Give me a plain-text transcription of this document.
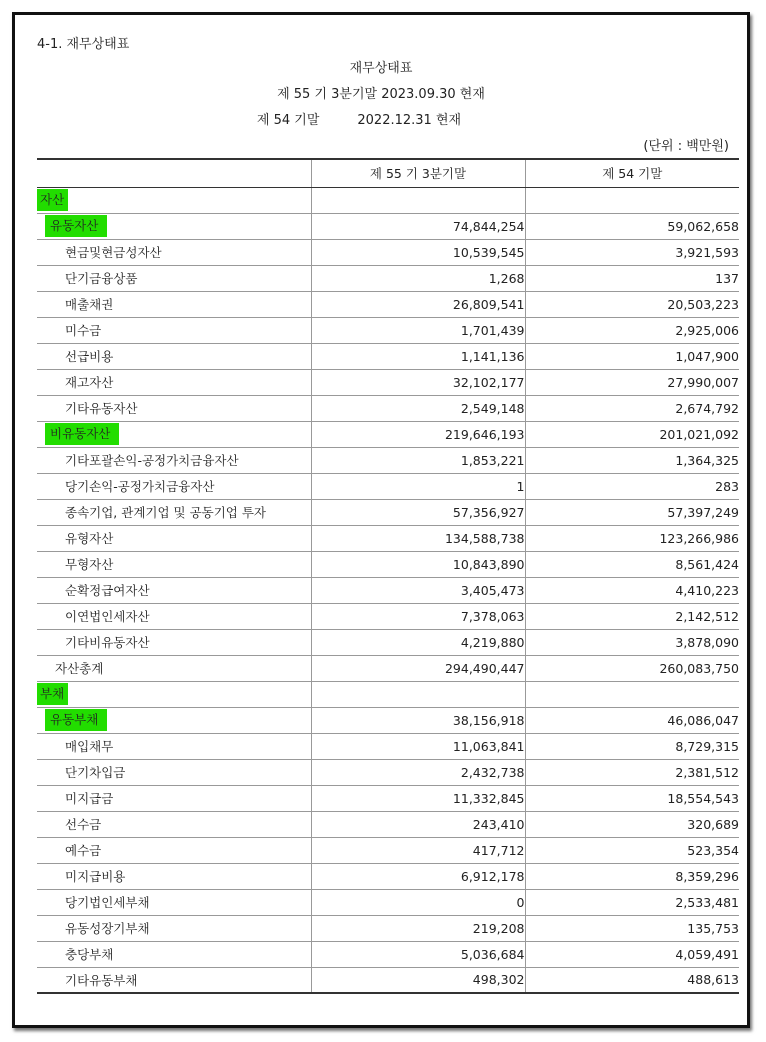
4-1. 재무상태표
재무상태표
제 55 기 3분기말 2023.09.30 현재
제 54 기말	2022.12.31 현재
(단위 : 백만원)
	제 55 기 3분기말	제 54 기말
자산		
유동자산	74,844,254	59,062,658
현금및현금성자산	10,539,545	3,921,593
단기금융상품	1,268	137
매출채권	26,809,541	20,503,223
미수금	1,701,439	2,925,006
선급비용	1,141,136	1,047,900
재고자산	32,102,177	27,990,007
기타유동자산	2,549,148	2,674,792
비유동자산	219,646,193	201,021,092
기타포괄손익-공정가치금융자산	1,853,221	1,364,325
당기손익-공정가치금융자산	1	283
종속기업, 관계기업 및 공동기업 투자	57,356,927	57,397,249
유형자산	134,588,738	123,266,986
무형자산	10,843,890	8,561,424
순확정급여자산	3,405,473	4,410,223
이연법인세자산	7,378,063	2,142,512
기타비유동자산	4,219,880	3,878,090
자산총계	294,490,447	260,083,750
부채		
유동부채	38,156,918	46,086,047
매입채무	11,063,841	8,729,315
단기차입금	2,432,738	2,381,512
미지급금	11,332,845	18,554,543
선수금	243,410	320,689
예수금	417,712	523,354
미지급비용	6,912,178	8,359,296
당기법인세부채	0	2,533,481
유동성장기부채	219,208	135,753
충당부채	5,036,684	4,059,491
기타유동부채	498,302	488,613
